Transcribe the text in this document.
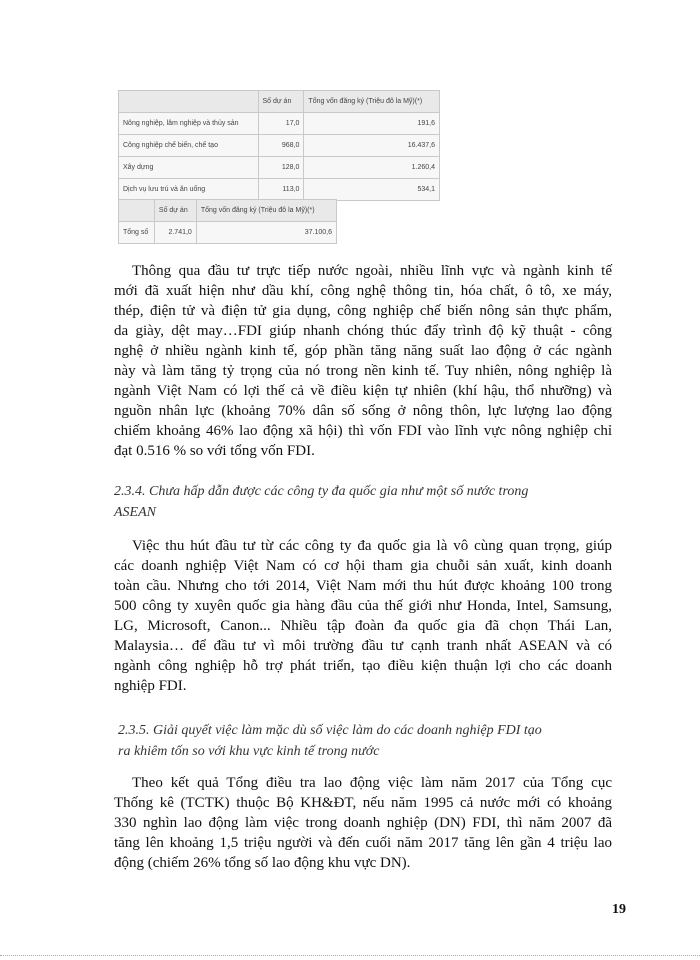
	Số dự án	Tổng vốn đăng ký (Triệu đô la Mỹ)(*)
Nông nghiệp, lâm nghiệp và thủy sản	17,0	191,6
Công nghiệp chế biến, chế tạo	968,0	16.437,6
Xây dựng	128,0	1.260,4
Dịch vụ lưu trú và ăn uống	113,0	534,1
	Số dự án	Tổng vốn đăng ký (Triệu đô la Mỹ)(*)
Tổng số	2.741,0	37.100,6
Thông qua đầu tư trực tiếp nước ngoài, nhiều lĩnh vực và ngành kinh tế
mới đã xuất hiện như dầu khí, công nghệ thông tin, hóa chất, ô tô, xe máy,
thép, điện tử và điện tử gia dụng, công nghiệp chế biến nông sản thực phẩm,
da giày, dệt may…FDI giúp nhanh chóng thúc đẩy trình độ kỹ thuật - công
nghệ ở nhiều ngành kinh tế, góp phần tăng năng suất lao động ở các ngành
này và làm tăng tỷ trọng của nó trong nền kinh tế. Tuy nhiên, nông nghiệp là
ngành Việt Nam có lợi thế cả về điều kiện tự nhiên (khí hậu, thổ nhưỡng) và
nguồn nhân lực (khoảng 70% dân số sống ở nông thôn, lực lượng lao động
chiếm khoảng 46% lao động xã hội) thì vốn FDI vào lĩnh vực nông nghiệp chỉ
đạt 0.516 % so với tổng vốn FDI.
2.3.4. Chưa hấp dẫn được các công ty đa quốc gia như một số nước trong
ASEAN
Việc thu hút đầu tư từ các công ty đa quốc gia là vô cùng quan trọng, giúp
các doanh nghiệp Việt Nam có cơ hội tham gia chuỗi sản xuất, kinh doanh
toàn cầu. Nhưng cho tới 2014, Việt Nam mới thu hút được khoảng 100 trong
500 công ty xuyên quốc gia hàng đầu của thế giới như Honda, Intel, Samsung,
LG, Microsoft, Canon... Nhiều tập đoàn đa quốc gia đã chọn Thái Lan,
Malaysia… để đầu tư vì môi trường đầu tư cạnh tranh nhất ASEAN và có
ngành công nghiệp hỗ trợ phát triển, tạo điều kiện thuận lợi cho các doanh
nghiệp FDI.
2.3.5. Giải quyết việc làm mặc dù số việc làm do các doanh nghiệp FDI tạo
ra khiêm tốn so với khu vực kinh tế trong nước
Theo kết quả Tổng điều tra lao động việc làm năm 2017 của Tổng cục
Thống kê (TCTK) thuộc Bộ KH&ĐT, nếu năm 1995 cả nước mới có khoảng
330 nghìn lao động làm việc trong doanh nghiệp (DN) FDI, thì năm 2007 đã
tăng lên khoảng 1,5 triệu người và đến cuối năm 2017 tăng lên gần 4 triệu lao
động (chiếm 26% tổng số lao động khu vực DN).
19
